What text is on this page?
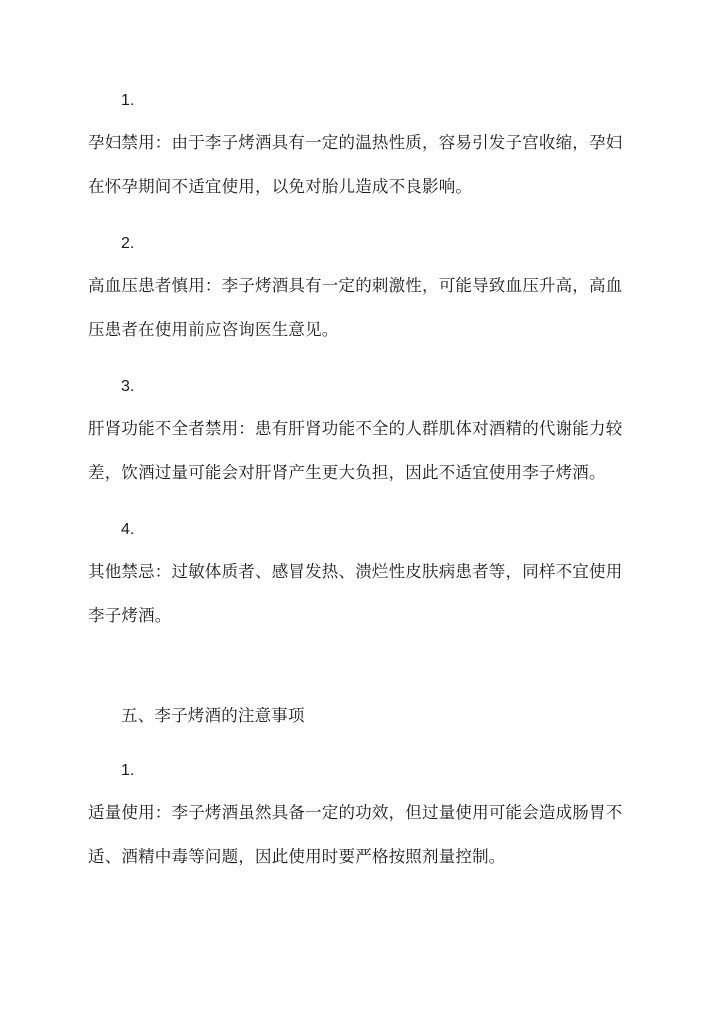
1.

孕妇禁用：由于李子烤酒具有一定的温热性质，容易引发子宫收缩，孕妇在怀孕期间不适宜使用，以免对胎儿造成不良影响。

2.

高血压患者慎用：李子烤酒具有一定的刺激性，可能导致血压升高，高血压患者在使用前应咨询医生意见。

3.

肝肾功能不全者禁用：患有肝肾功能不全的人群肌体对酒精的代谢能力较差，饮酒过量可能会对肝肾产生更大负担，因此不适宜使用李子烤酒。

4.

其他禁忌：过敏体质者、感冒发热、溃烂性皮肤病患者等，同样不宜使用李子烤酒。

五、李子烤酒的注意事项
1.

适量使用：李子烤酒虽然具备一定的功效，但过量使用可能会造成肠胃不适、酒精中毒等问题，因此使用时要严格按照剂量控制。
